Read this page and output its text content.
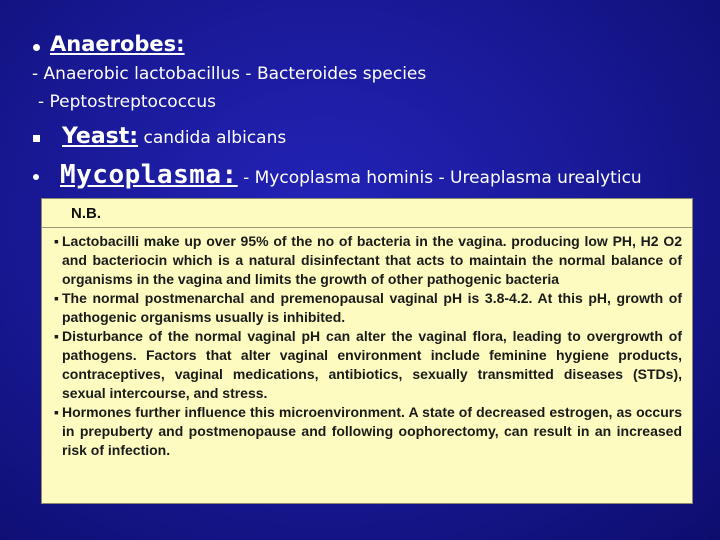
Anaerobes:
- Anaerobic lactobacillus - Bacteroides species
- Peptostreptococcus
Yeast: candida albicans
Mycoplasma: - Mycoplasma hominis - Ureaplasma urealyticu
N.B.
▪ Lactobacilli make up over 95% of the no of bacteria in the vagina. producing low PH, H2 O2 and bacteriocin which is a natural disinfectant that acts to maintain the normal balance of organisms in the vagina and limits the growth of other pathogenic bacteria
▪ The normal postmenarchal and premenopausal vaginal pH is 3.8-4.2. At this pH, growth of pathogenic organisms usually is inhibited.
▪ Disturbance of the normal vaginal pH can alter the vaginal flora, leading to overgrowth of pathogens. Factors that alter vaginal environment include feminine hygiene products, contraceptives, vaginal medications, antibiotics, sexually transmitted diseases (STDs), sexual intercourse, and stress.
▪ Hormones further influence this microenvironment. A state of decreased estrogen, as occurs in prepuberty and postmenopause and following oophorectomy, can result in an increased risk of infection.
